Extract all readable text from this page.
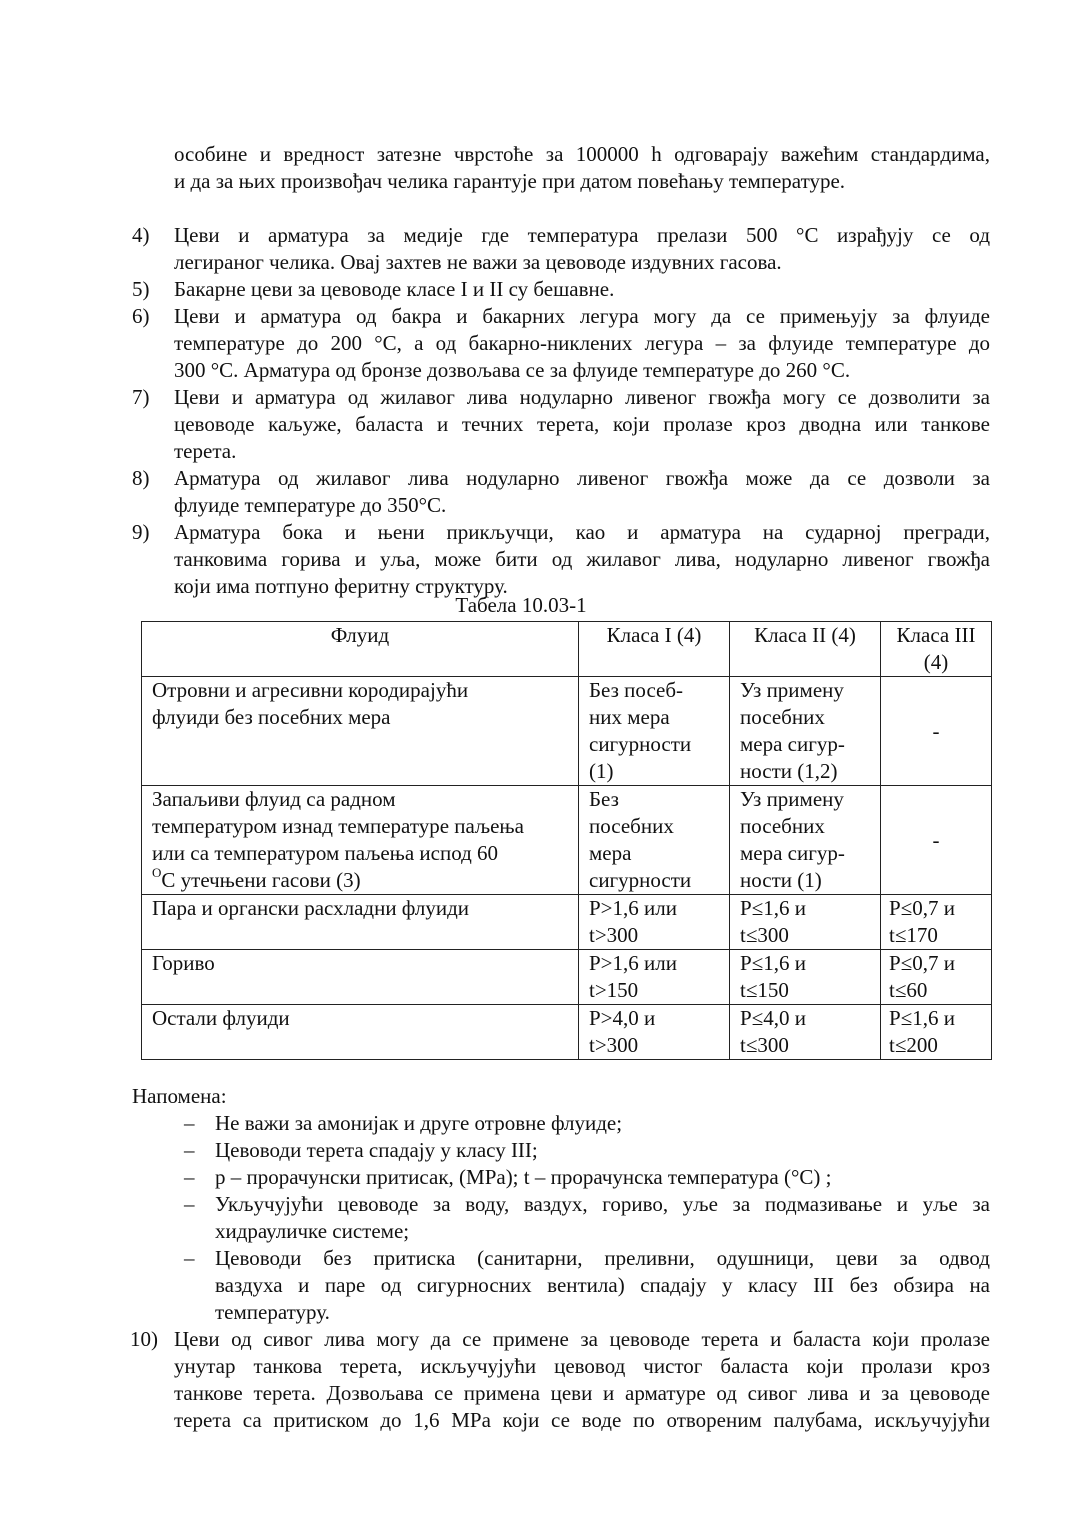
особине и вредност затезне чврстоће за 100000 h одговарају важећим стандардима,
и да за њих произвођач челика гарантује при датом повећању температуре.
4) Цеви и арматура за медије где температура прелази 500 °C израђују се од
легираног челика. Овај захтев не важи за цевоводе издувних гасова.
5) Бакарне цеви за цевоводе класе I и II су бешавне.
6) Цеви и арматура од бакра и бакарних легура могу да се примењују за флуиде
температуре до 200 °C, а од бакарно-никлених легура – за флуиде температуре до
300 °C. Арматура од бронзе дозвољава се за флуиде температуре до 260 °C.
7) Цеви и арматура од жилавог лива нодуларно ливеног гвожђа могу се дозволити за
цевоводе каљуже, баласта и течних терета, који пролазе кроз дводна или танкове
терета.
8) Арматура од жилавог лива нодуларно ливеног гвожђа може да се дозволи за
флуиде температуре до 350°C.
9) Арматура бока и њени прикључци, као и арматура на сударној прегради,
танковима горива и уља, може бити од жилавог лива, нодуларно ливеног гвожђа
који има потпуно феритну структуру.
Табела 10.03-1
Флуид	Класа I (4)	Класа II (4)	Класа III
(4)

Отровни и агресивни кородирајући
флуиди без посебних мера	Без посеб-
них мера
сигурности
(1)	Уз примену
посебних
мера сигур-
ности (1,2)	-

Запаљиви флуид са радном
температуром изнад температуре паљења
или са температуром паљења испод 60
$^O$C утечњени гасови (3)	Без
посебних
мера
сигурности	Уз примену
посебних
мера сигур-
ности (1)	-

Пара и органски расхладни флуиди	P>1,6 или
t>300	P≤1,6 и
t≤300	P≤0,7 и
t≤170

Гориво	P>1,6 или
t>150	P≤1,6 и
t≤150	P≤0,7 и
t≤60

Остали флуиди	P>4,0 и
t>300	P≤4,0 и
t≤300	P≤1,6 и
t≤200
Напомена:
– Не важи за амонијак и друге отровне флуиде;
– Цевоводи терета спадају у класу III;
– p – прорачунски притисак, (MPa); t – прорачунска температура (°C) ;
– Укључујући цевоводе за воду, ваздух, гориво, уље за подмазивање и уље за
хидрауличке системе;
– Цевоводи без притиска (санитарни, преливни, одушници, цеви за одвод
ваздуха и паре од сигурносних вентила) спадају у класу III без обзира на
температуру.
10) Цеви од сивог лива могу да се примене за цевоводе терета и баласта који пролазе
унутар танкова терета, искључујући цевовод чистог баласта који пролази кроз
танкове терета. Дозвољава се примена цеви и арматуре од сивог лива и за цевоводе
терета са притиском до 1,6 MPa који се воде по отвореним палубама, искључујући
